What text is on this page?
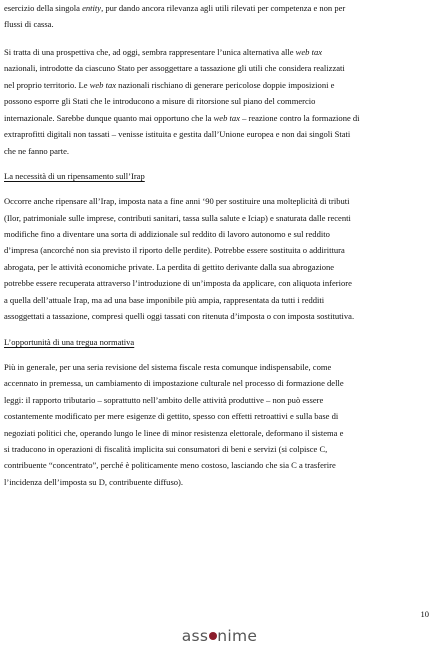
esercizio della singola entity, pur dando ancora rilevanza agli utili rilevati per competenza e non per

flussi di cassa.

Si tratta di una prospettiva che, ad oggi, sembra rappresentare l’unica alternativa alle web tax

nazionali, introdotte da ciascuno Stato per assoggettare a tassazione gli utili che considera realizzati

nel proprio territorio. Le web tax nazionali rischiano di generare pericolose doppie imposizioni e

possono esporre gli Stati che le introducono a misure di ritorsione sul piano del commercio

internazionale. Sarebbe dunque quanto mai opportuno che la web tax – reazione contro la formazione di

extraprofitti digitali non tassati – venisse istituita e gestita dall’Unione europea e non dai singoli Stati

che ne fanno parte.

La necessità di un ripensamento sull’Irap

Occorre anche ripensare all’Irap, imposta nata a fine anni ‘90 per sostituire una molteplicità di tributi

(Ilor, patrimoniale sulle imprese, contributi sanitari, tassa sulla salute e Iciap) e snaturata dalle recenti

modifiche fino a diventare una sorta di addizionale sul reddito di lavoro autonomo e sul reddito

d’impresa (ancorché non sia previsto il riporto delle perdite). Potrebbe essere sostituita o addirittura

abrogata, per le attività economiche private. La perdita di gettito derivante dalla sua abrogazione

potrebbe essere recuperata attraverso l’introduzione di un’imposta da applicare, con aliquota inferiore

a quella dell’attuale Irap, ma ad una base imponibile più ampia, rappresentata da tutti i redditi

assoggettati a tassazione, compresi quelli oggi tassati con ritenuta d’imposta o con imposta sostitutiva.

L’opportunità di una tregua normativa

Più in generale, per una seria revisione del sistema fiscale resta comunque indispensabile, come

accennato in premessa, un cambiamento di impostazione culturale nel processo di formazione delle

leggi: il rapporto tributario – soprattutto nell’ambito delle attività produttive – non può essere

costantemente modificato per mere esigenze di gettito, spesso con effetti retroattivi e sulla base di

negoziati politici che, operando lungo le linee di minor resistenza elettorale, deformano il sistema e

si traducono in operazioni di fiscalità implicita sui consumatori di beni e servizi (si colpisce C,

contribuente “concentrato”, perché è politicamente meno costoso, lasciando che sia C a trasferire

l’incidenza dell’imposta su D, contribuente diffuso).

10
ass nime
